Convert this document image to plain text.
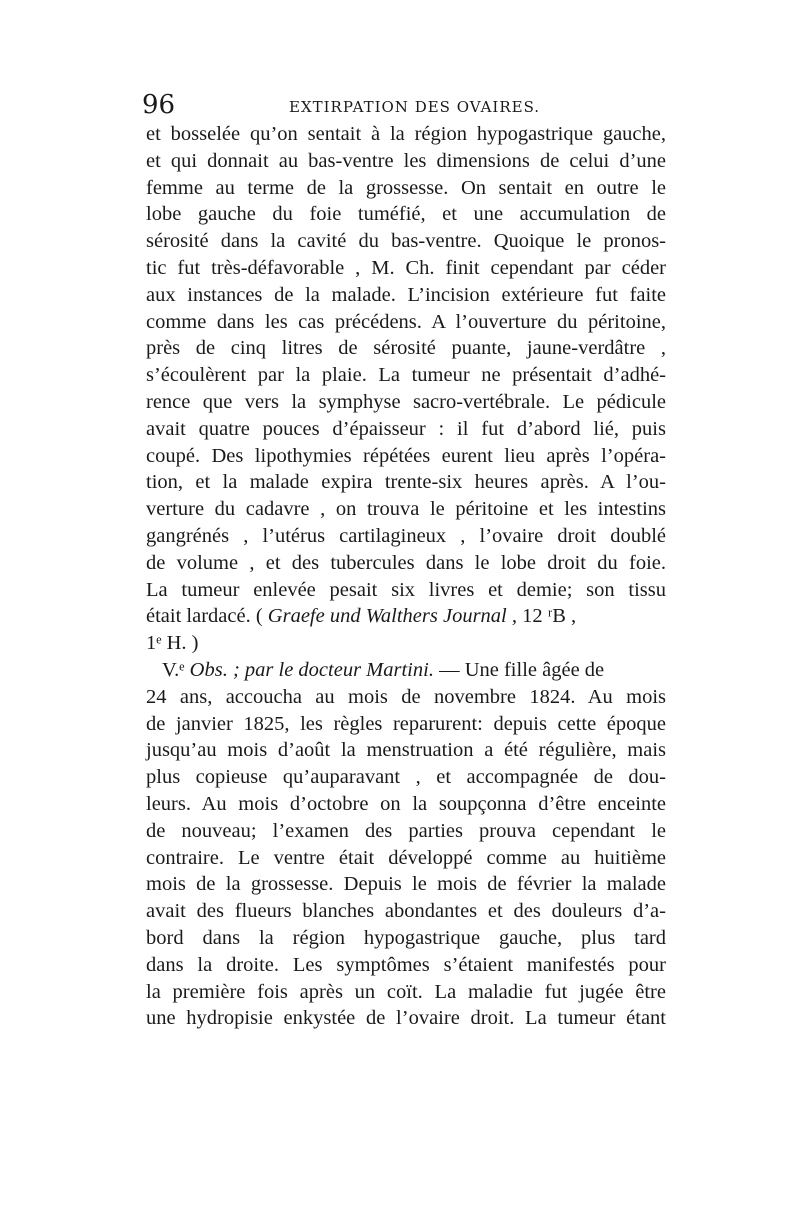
96	EXTIRPATION DES OVAIRES.
et bosselée qu’on sentait à la région hypogastrique gauche,
et qui donnait au bas-ventre les dimensions de celui d’une
femme au terme de la grossesse. On sentait en outre le
lobe gauche du foie tuméfié, et une accumulation de
sérosité dans la cavité du bas-ventre. Quoique le pronos-
tic fut très-défavorable , M. Ch. finit cependant par céder
aux instances de la malade. L’incision extérieure fut faite
comme dans les cas précédens. A l’ouverture du péritoine,
près de cinq litres de sérosité puante, jaune-verdâtre ,
s’écoulèrent par la plaie. La tumeur ne présentait d’adhé-
rence que vers la symphyse sacro-vertébrale. Le pédicule
avait quatre pouces d’épaisseur : il fut d’abord lié, puis
coupé. Des lipothymies répétées eurent lieu après l’opéra-
tion, et la malade expira trente-six heures après. A l’ou-
verture du cadavre , on trouva le péritoine et les intestins
gangrénés , l’utérus cartilagineux , l’ovaire droit doublé
de volume , et des tubercules dans le lobe droit du foie.
La tumeur enlevée pesait six livres et demie; son tissu
était lardacé. ( Graefe und Walthers Journal , 12 ʳB ,
1ᵉ H. )
V.ᵉ Obs. ; par le docteur Martini. — Une fille âgée de
24 ans, accoucha au mois de novembre 1824. Au mois
de janvier 1825, les règles reparurent: depuis cette époque
jusqu’au mois d’août la menstruation a été régulière, mais
plus copieuse qu’auparavant , et accompagnée de dou-
leurs. Au mois d’octobre on la soupçonna d’être enceinte
de nouveau; l’examen des parties prouva cependant le
contraire. Le ventre était développé comme au huitième
mois de la grossesse. Depuis le mois de février la malade
avait des flueurs blanches abondantes et des douleurs d’a-
bord dans la région hypogastrique gauche, plus tard
dans la droite. Les symptômes s’étaient manifestés pour
la première fois après un coït. La maladie fut jugée être
une hydropisie enkystée de l’ovaire droit. La tumeur étant
